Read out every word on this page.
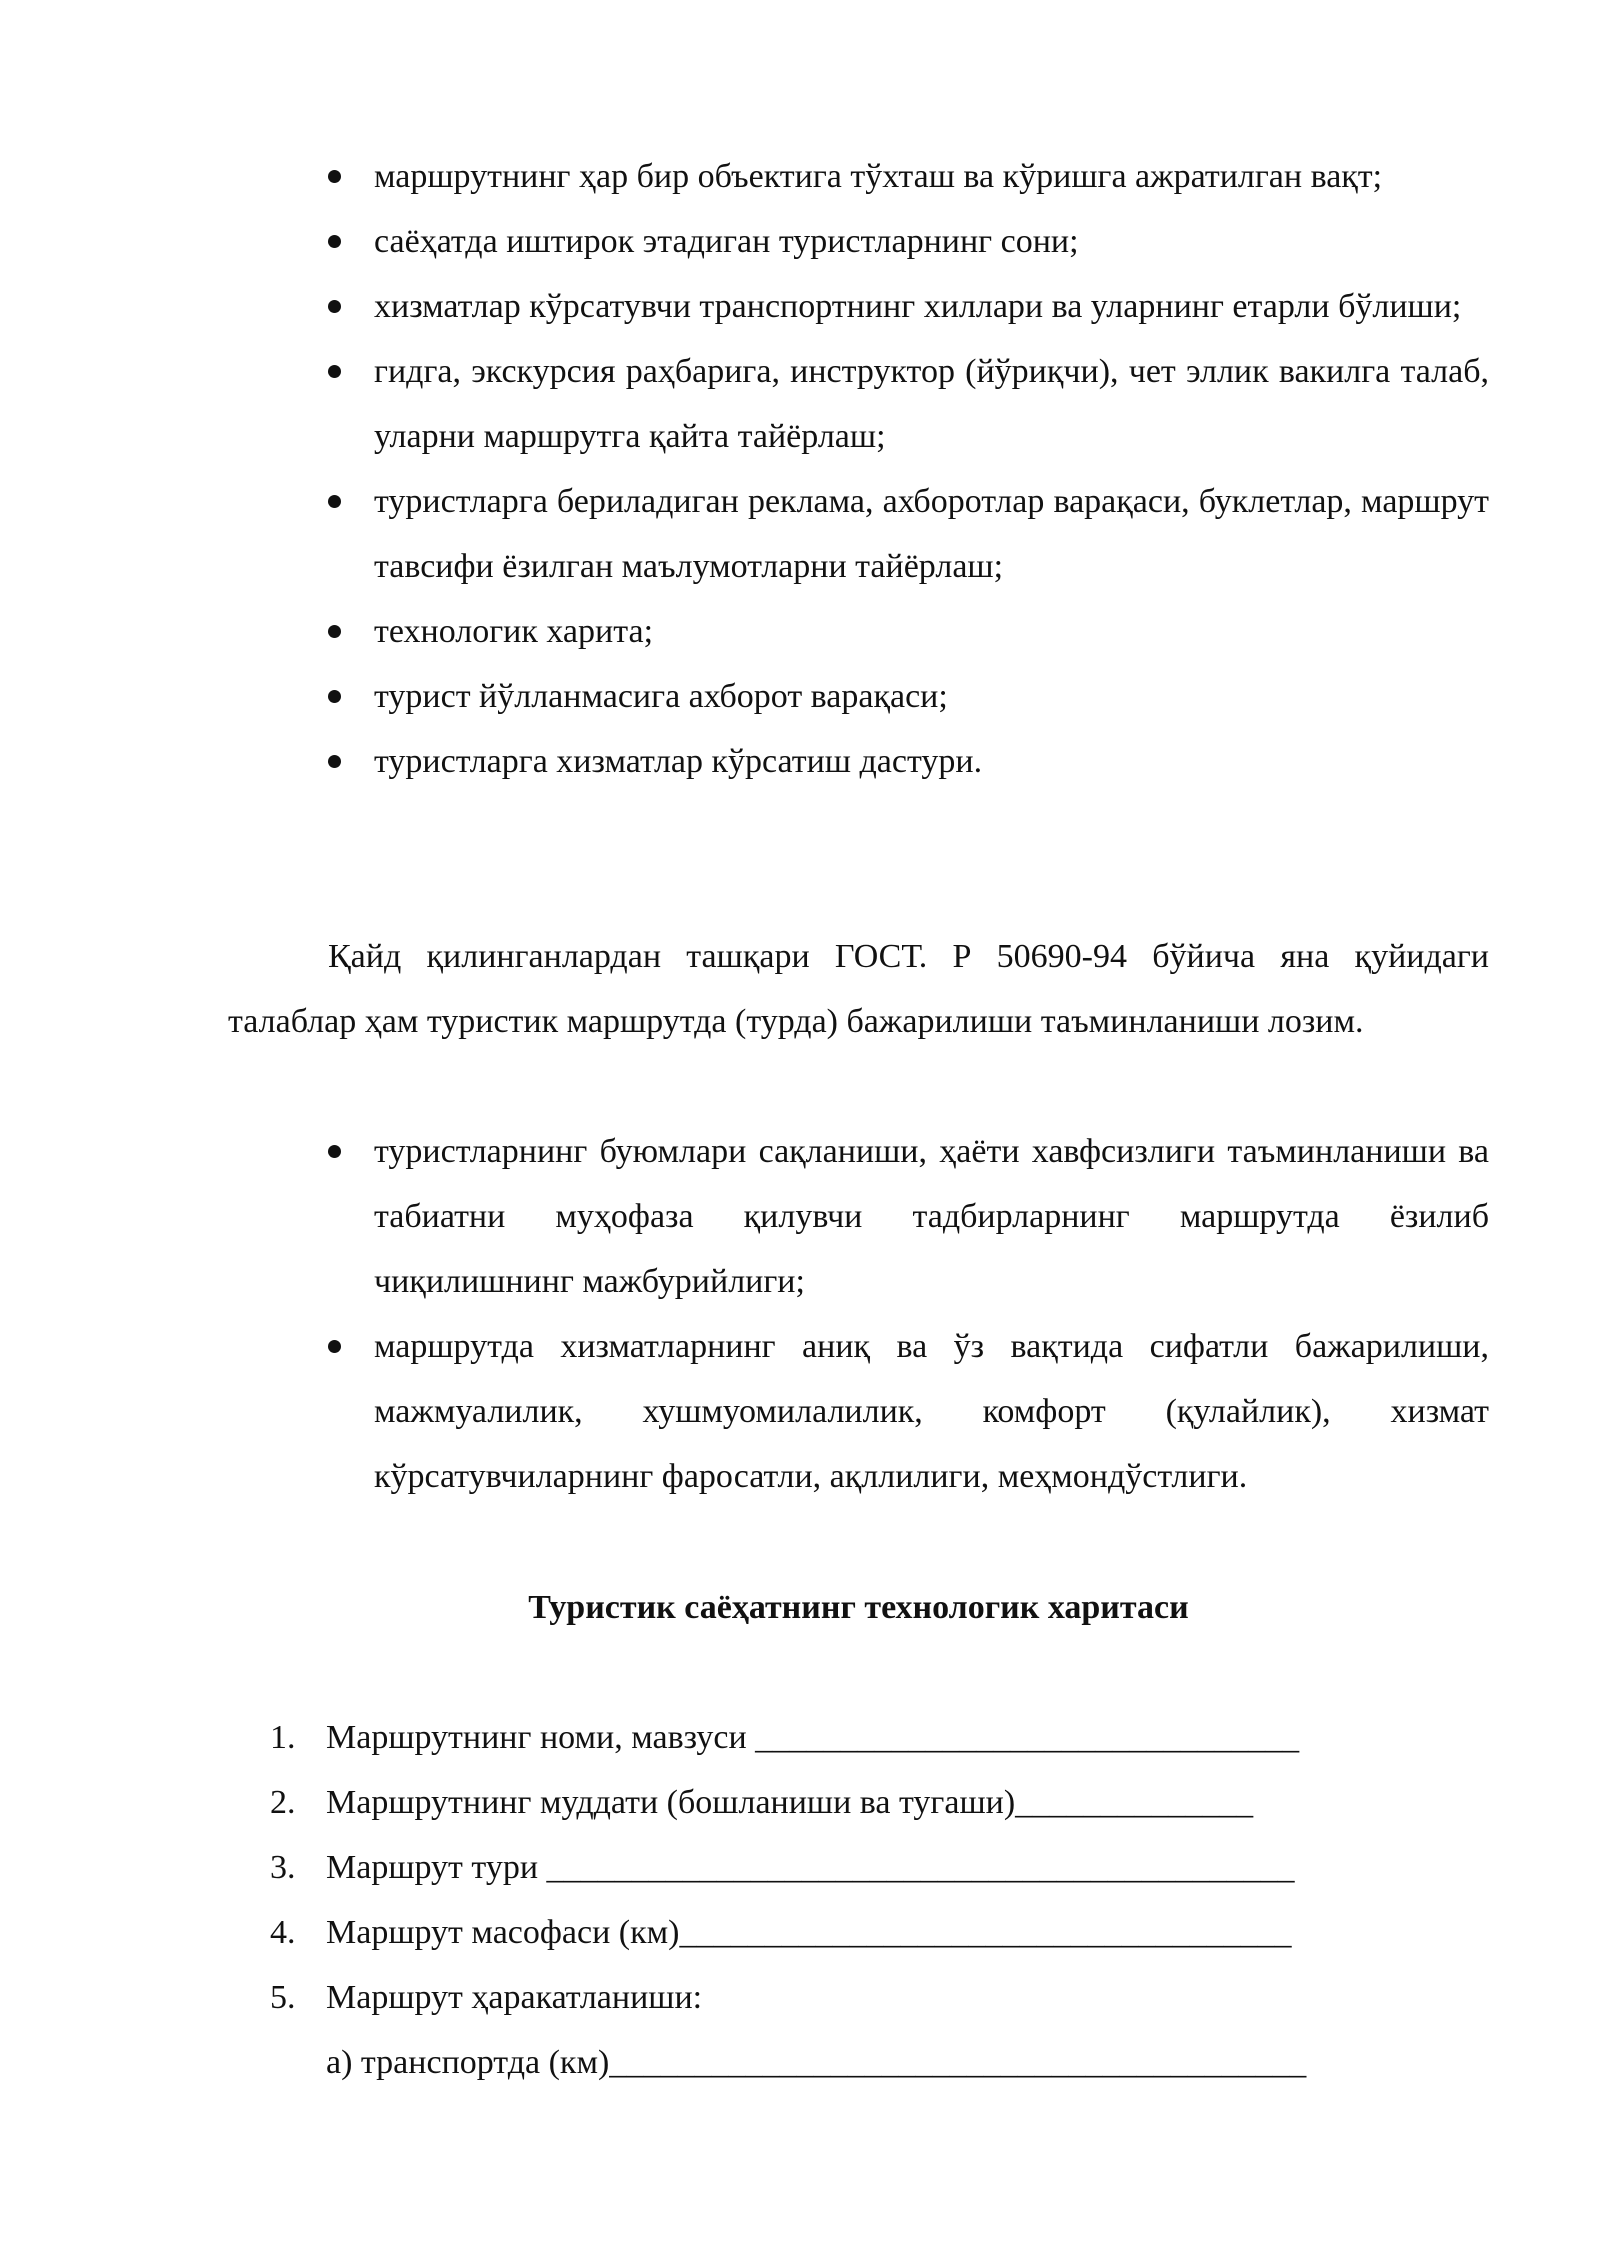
маршрутнинг ҳар бир объектига тўхташ ва кўришга ажратилган вақт;
саёҳатда иштирок этадиган туристларнинг сони;
хизматлар кўрсатувчи транспортнинг хиллари ва уларнинг етарли бўлиши;
гидга, экскурсия раҳбарига, инструктор (йўриқчи), чет эллик вакилга талаб, уларни маршрутга қайта тайёрлаш;
туристларга бериладиган реклама, ахборотлар варақаси, буклетлар, маршрут тавсифи ёзилган маълумотларни тайёрлаш;
технологик харита;
турист йўлланмасига ахборот варақаси;
туристларга хизматлар кўрсатиш дастури.

Қайд қилинганлардан ташқари ГОСТ. Р 50690-94 бўйича яна қуйидаги талаблар ҳам туристик маршрутда (турда) бажарилиши таъминланиши лозим.

туристларнинг буюмлари сақланиши, ҳаёти хавфсизлиги таъминланиши ва табиатни муҳофаза қилувчи тадбирларнинг маршрутда ёзилиб чиқилишнинг мажбурийлиги;
маршрутда хизматларнинг аниқ ва ўз вақтида сифатли бажарилиши, мажмуалилик, хушмуомилалилик, комфорт (қулайлик), хизмат кўрсатувчиларнинг фаросатли, ақллилиги, меҳмондўстлиги.
Туристик саёҳатнинг технологик харитаси
1. Маршрутнинг номи, мавзуси ________________________________
2. Маршрутнинг муддати (бошланиши ва тугаши)______________
3. Маршрут тури ____________________________________________
4. Маршрут масофаси (км)____________________________________
5. Маршрут ҳаракатланиши:
а) транспортда (км)_________________________________________
